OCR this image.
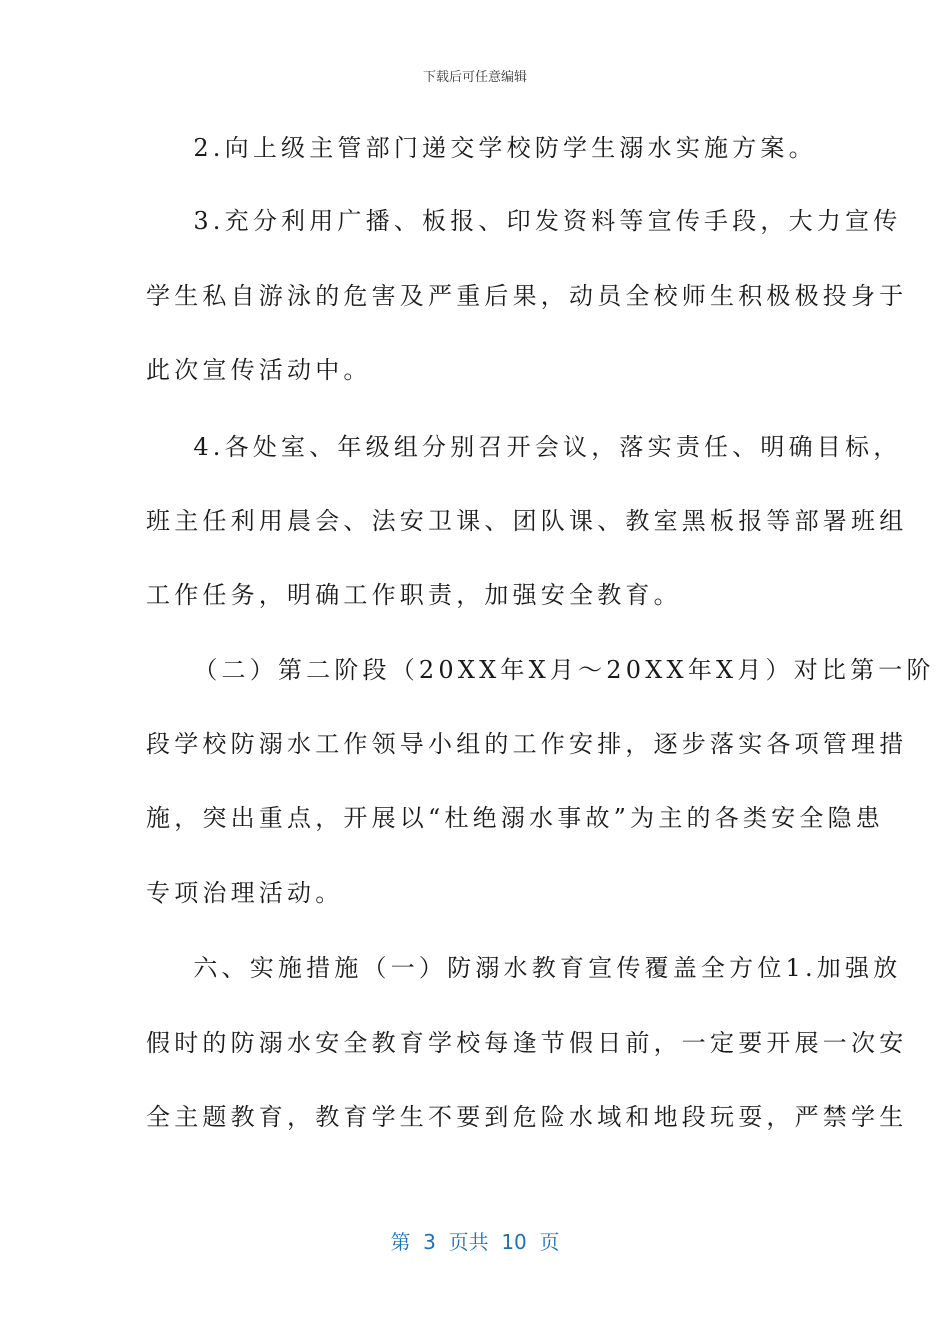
下载后可任意编辑
2.向上级主管部门递交学校防学生溺水实施方案。
3.充分利用广播、板报、印发资料等宣传手段，大力宣传
学生私自游泳的危害及严重后果，动员全校师生积极极投身于
此次宣传活动中。
4.各处室、年级组分别召开会议，落实责任、明确目标，
班主任利用晨会、法安卫课、团队课、教室黑板报等部署班组
工作任务，明确工作职责，加强安全教育。
（二）第二阶段（20XX年X月～20XX年X月）对比第一阶
段学校防溺水工作领导小组的工作安排，逐步落实各项管理措
施，突出重点，开展以“杜绝溺水事故”为主的各类安全隐患
专项治理活动。
六、实施措施（一）防溺水教育宣传覆盖全方位1.加强放
假时的防溺水安全教育学校每逢节假日前，一定要开展一次安
全主题教育，教育学生不要到危险水域和地段玩耍，严禁学生
第  3  页共  10  页
